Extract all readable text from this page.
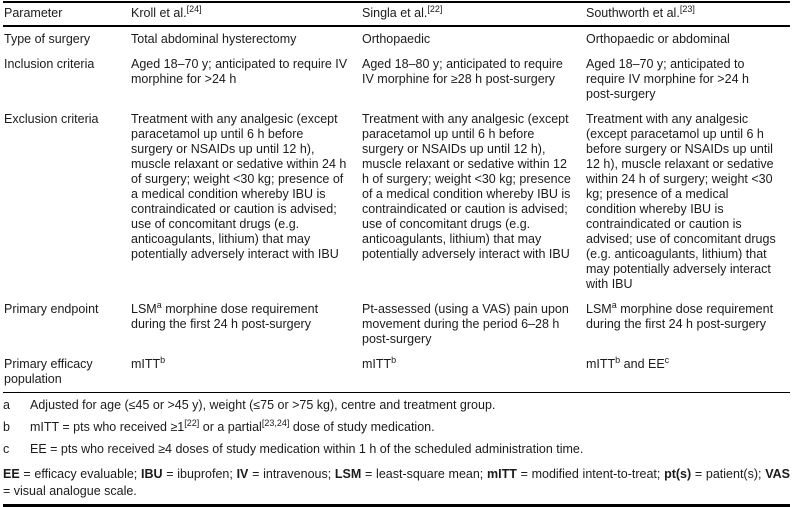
Parameter	Kroll et al.[24]	Singla et al.[22]	Southworth et al.[23]
Type of surgery	Total abdominal hysterectomy	Orthopaedic	Orthopaedic or abdominal
Inclusion criteria	Aged 18–70 y; anticipated to require IV morphine for >24 h	Aged 18–80 y; anticipated to require IV morphine for ≥28 h post-surgery	Aged 18–70 y; anticipated to require IV morphine for >24 h post-surgery
Exclusion criteria	Treatment with any analgesic (except paracetamol up until 6 h before surgery or NSAIDs up until 12 h), muscle relaxant or sedative within 24 h of surgery; weight <30 kg; presence of a medical condition whereby IBU is contraindicated or caution is advised; use of concomitant drugs (e.g. anticoagulants, lithium) that may potentially adversely interact with IBU	Treatment with any analgesic (except paracetamol up until 6 h before surgery or NSAIDs up until 12 h), muscle relaxant or sedative within 12 h of surgery; weight <30 kg; presence of a medical condition whereby IBU is contraindicated or caution is advised; use of concomitant drugs (e.g. anticoagulants, lithium) that may potentially adversely interact with IBU	Treatment with any analgesic (except paracetamol up until 6 h before surgery or NSAIDs up until 12 h), muscle relaxant or sedative within 24 h of surgery; weight <30 kg; presence of a medical condition whereby IBU is contraindicated or caution is advised; use of concomitant drugs (e.g. anticoagulants, lithium) that may potentially adversely interact with IBU
Primary endpoint	LSM$^a$ morphine dose requirement during the first 24 h post-surgery	Pt-assessed (using a VAS) pain upon movement during the period 6–28 h post-surgery	LSM$^a$ morphine dose requirement during the first 24 h post-surgery
Primary efficacy population	mITT$^b$	mITT$^b$	mITT$^b$ and $EE^c$
a	Adjusted for age (≤45 or >45 y), weight (≤75 or >75 kg), centre and treatment group.
b	mITT = pts who received ≥1[22] or a partial[23,24] dose of study medication.
c	EE = pts who received ≥4 doses of study medication within 1 h of the scheduled administration time.

EE = efficacy evaluable; IBU = ibuprofen; IV = intravenous; LSM = least-square mean; mITT = modified intent-to-treat; pt(s) = patient(s); VAS = visual analogue scale.
